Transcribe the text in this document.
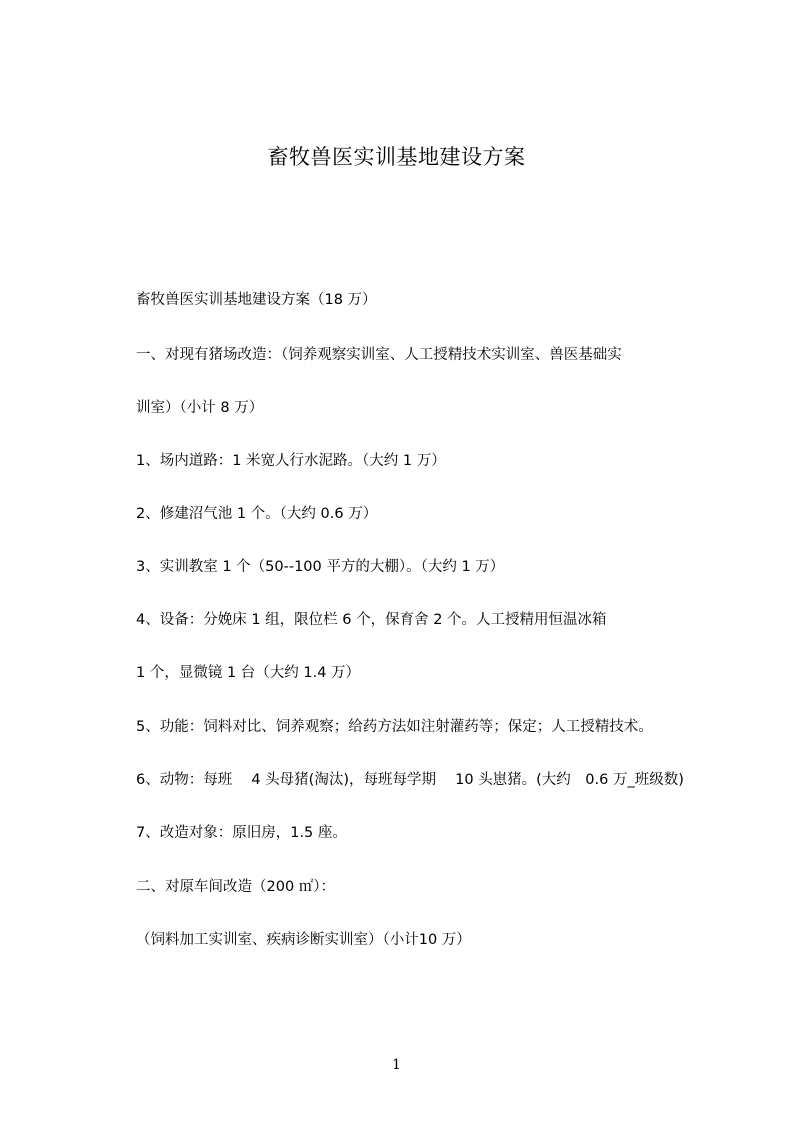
畜牧兽医实训基地建设方案
畜牧兽医实训基地建设方案（18 万）
一、对现有猪场改造：（饲养观察实训室、人工授精技术实训室、兽医基础实
训室）（小计 8 万）
1、场内道路：1 米宽人行水泥路。（大约 1 万）
2、修建沼气池 1 个。（大约 0.6 万）
3、实训教室 1 个（50--100 平方的大棚）。（大约 1 万）
4、设备：分娩床 1 组，限位栏 6 个，保育舍 2 个。人工授精用恒温冰箱
1 个，显微镜 1 台（大约 1.4 万）
5、功能：饲料对比、饲养观察；给药方法如注射灌药等；保定；人工授精技术。
6、动物：每班　 4 头母猪(淘汰)，每班每学期　 10 头崽猪。(大约　0.6 万_班级数)
7、改造对象：原旧房，1.5 座。
二、对原车间改造（200 ㎡）：
（饲料加工实训室、疾病诊断实训室）（小计10 万）
1
